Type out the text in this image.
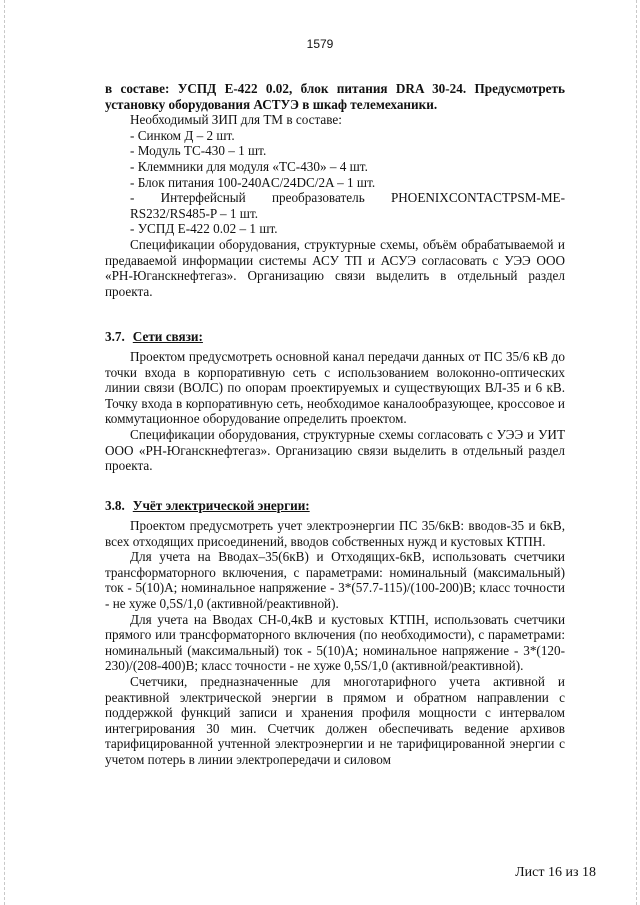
1579

в составе: УСПД Е-422 0.02, блок питания DRA 30-24. Предусмотреть установку оборудования АСТУЭ в шкаф телемеханики.

Необходимый ЗИП для ТМ в составе:

- Синком Д – 2 шт.

- Модуль ТС-430 – 1 шт.

- Клеммники для модуля «ТС-430» – 4 шт.

- Блок питания 100-240AC/24DC/2A – 1 шт.

- Интерфейсный преобразователь PHOENIXCONTACTPSM-ME-RS232/RS485-P – 1 шт.

- УСПД Е-422 0.02 – 1 шт.

Спецификации оборудования, структурные схемы, объём обрабатываемой и предаваемой информации системы АСУ ТП и АСУЭ согласовать с УЭЭ ООО «РН-Юганскнефтегаз». Организацию связи выделить в отдельный раздел проекта.

3.7. Сети связи:

Проектом предусмотреть основной канал передачи данных от ПС 35/6 кВ до точки входа в корпоративную сеть с использованием волоконно-оптических линии связи (ВОЛС) по опорам проектируемых и существующих ВЛ-35 и 6 кВ. Точку входа в корпоративную сеть, необходимое каналообразующее, кроссовое и коммутационное оборудование определить проектом.

Спецификации оборудования, структурные схемы согласовать с УЭЭ и УИТ ООО «РН-Юганскнефтегаз». Организацию связи выделить в отдельный раздел проекта.

3.8. Учёт электрической энергии:

Проектом предусмотреть учет электроэнергии ПС 35/6кВ: вводов-35 и 6кВ, всех отходящих присоединений, вводов собственных нужд и кустовых КТПН.

Для учета на Вводах–35(6кВ) и Отходящих-6кВ, использовать счетчики трансформаторного включения, с параметрами: номинальный (максимальный) ток - 5(10)А; номинальное напряжение - 3*(57.7-115)/(100-200)В; класс точности - не хуже 0,5S/1,0 (активной/реактивной).

Для учета на Вводах СН-0,4кВ и кустовых КТПН, использовать счетчики прямого или трансформаторного включения (по необходимости), с параметрами: номинальный (максимальный) ток - 5(10)А; номинальное напряжение - 3*(120-230)/(208-400)В; класс точности - не хуже 0,5S/1,0 (активной/реактивной).

Счетчики, предназначенные для многотарифного учета активной и реактивной электрической энергии в прямом и обратном направлении с поддержкой функций записи и хранения профиля мощности с интервалом интегрирования 30 мин. Счетчик должен обеспечивать ведение архивов тарифицированной учтенной электроэнергии и не тарифицированной энергии с учетом потерь в линии электропередачи и силовом

Лист 16 из 18
